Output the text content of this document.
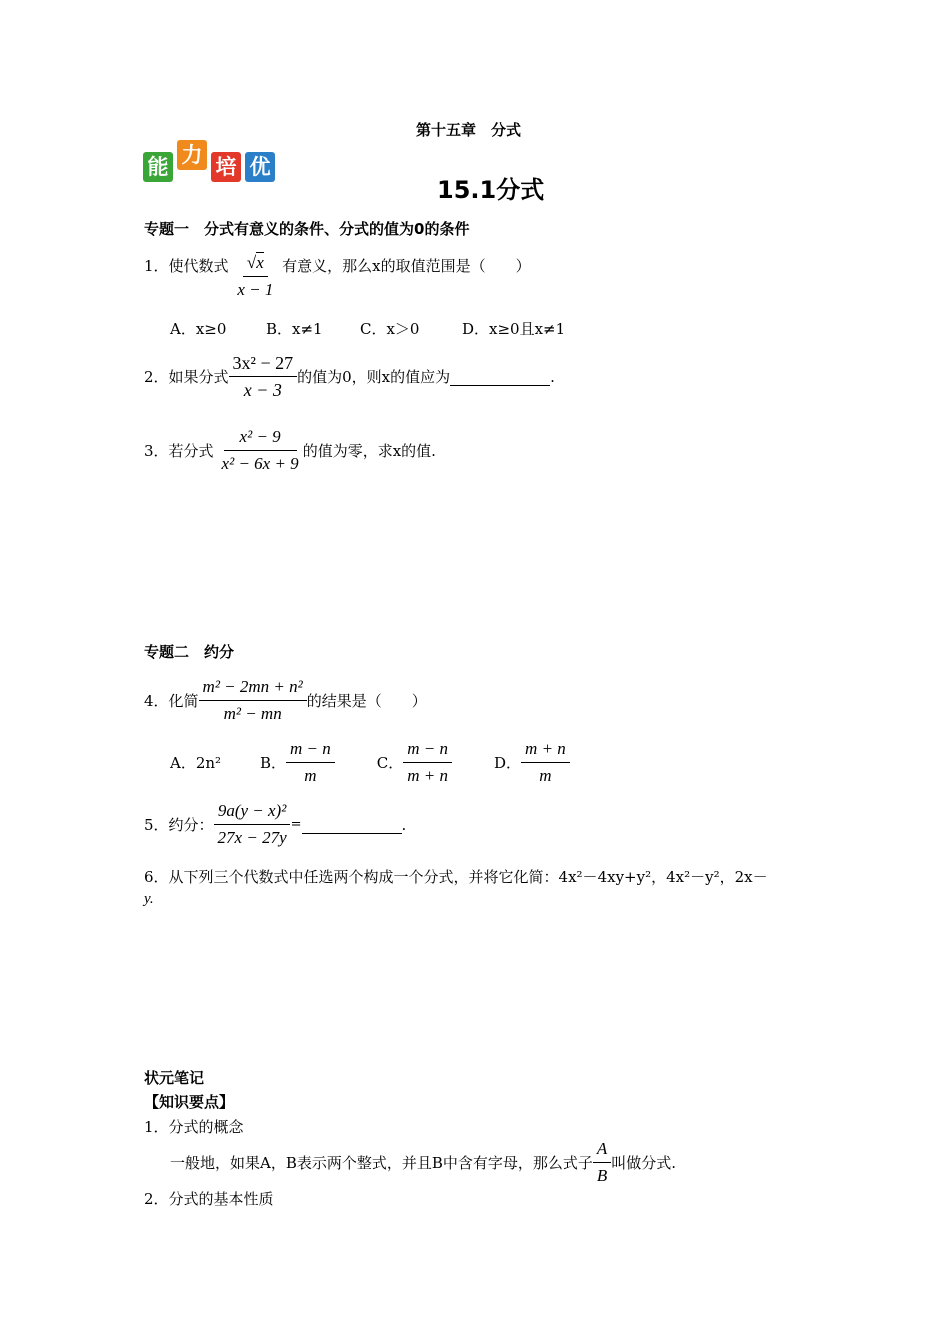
能 力 培 优
第十五章　分式
15.1分式
专题一　分式有意义的条件、分式的值为0的条件
1．使代数式 $\frac{√x}{x - 1}$ 有意义，那么x的取值范围是（　　）
A．x≥0	B．x≠1	C．x＞0	D．x≥0且x≠1
2．如果分式 $\frac{\text{3x² − 27}}{x - 3}$ 的值为0，则x的值应为	.
3．若分式 $\frac{\text{x² − 9}}{\text{x² − 6x + 9}}$ 的值为零，求x的值.
专题二　约分
4．化简 $\frac{\text{m² − 2mn + n²}}{\text{m² − mn}}$ 的结果是（　　）
A．2n²	B． $\frac{m - n}{m}$	C． $\frac{m - n}{m + n}$	D． $\frac{m + n}{m}$
5．约分： $\frac{\text{9a(y − x)²}}{27x - 27y}$ =	.
6．从下列三个代数式中任选两个构成一个分式，并将它化简：4x²－4xy+y²，4x²－y²，2x－
y.
状元笔记
【知识要点】
1．分式的概念
一般地，如果A，B表示两个整式，并且B中含有字母，那么式子 $\frac{A}{B}$ 叫做分式.
2．分式的基本性质
